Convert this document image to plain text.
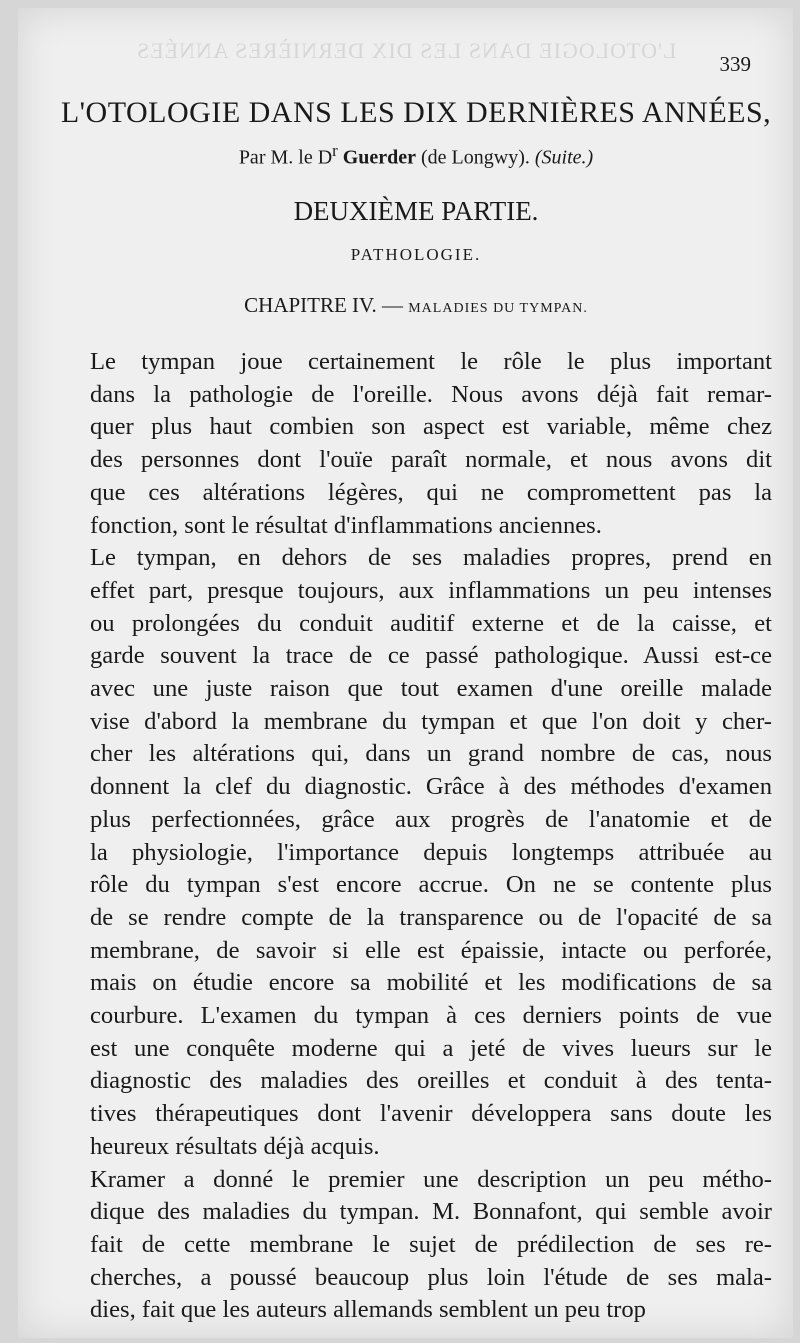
L'OTOLOGIE DANS LES DIX DERNIÈRES ANNÉES
339
L'OTOLOGIE DANS LES DIX DERNIÈRES ANNÉES,
Par M. le $D^r$ Guerder (de Longwy). (Suite.)
DEUXIÈME PARTIE.
PATHOLOGIE.
CHAPITRE IV. — MALADIES DU TYMPAN.

Le tympan joue certainement le rôle le plus important
dans la pathologie de l'oreille. Nous avons déjà fait remar-
quer plus haut combien son aspect est variable, même chez
des personnes dont l'ouïe paraît normale, et nous avons dit
que ces altérations légères, qui ne compromettent pas la
fonction, sont le résultat d'inflammations anciennes.

Le tympan, en dehors de ses maladies propres, prend en
effet part, presque toujours, aux inflammations un peu intenses
ou prolongées du conduit auditif externe et de la caisse, et
garde souvent la trace de ce passé pathologique. Aussi est-ce
avec une juste raison que tout examen d'une oreille malade
vise d'abord la membrane du tympan et que l'on doit y cher-
cher les altérations qui, dans un grand nombre de cas, nous
donnent la clef du diagnostic. Grâce à des méthodes d'examen
plus perfectionnées, grâce aux progrès de l'anatomie et de
la physiologie, l'importance depuis longtemps attribuée au
rôle du tympan s'est encore accrue. On ne se contente plus
de se rendre compte de la transparence ou de l'opacité de sa
membrane, de savoir si elle est épaissie, intacte ou perforée,
mais on étudie encore sa mobilité et les modifications de sa
courbure. L'examen du tympan à ces derniers points de vue
est une conquête moderne qui a jeté de vives lueurs sur le
diagnostic des maladies des oreilles et conduit à des tenta-
tives thérapeutiques dont l'avenir développera sans doute les
heureux résultats déjà acquis.

Kramer a donné le premier une description un peu métho-
dique des maladies du tympan. M. Bonnafont, qui semble avoir
fait de cette membrane le sujet de prédilection de ses re-
cherches, a poussé beaucoup plus loin l'étude de ses mala-
dies, fait que les auteurs allemands semblent un peu trop
